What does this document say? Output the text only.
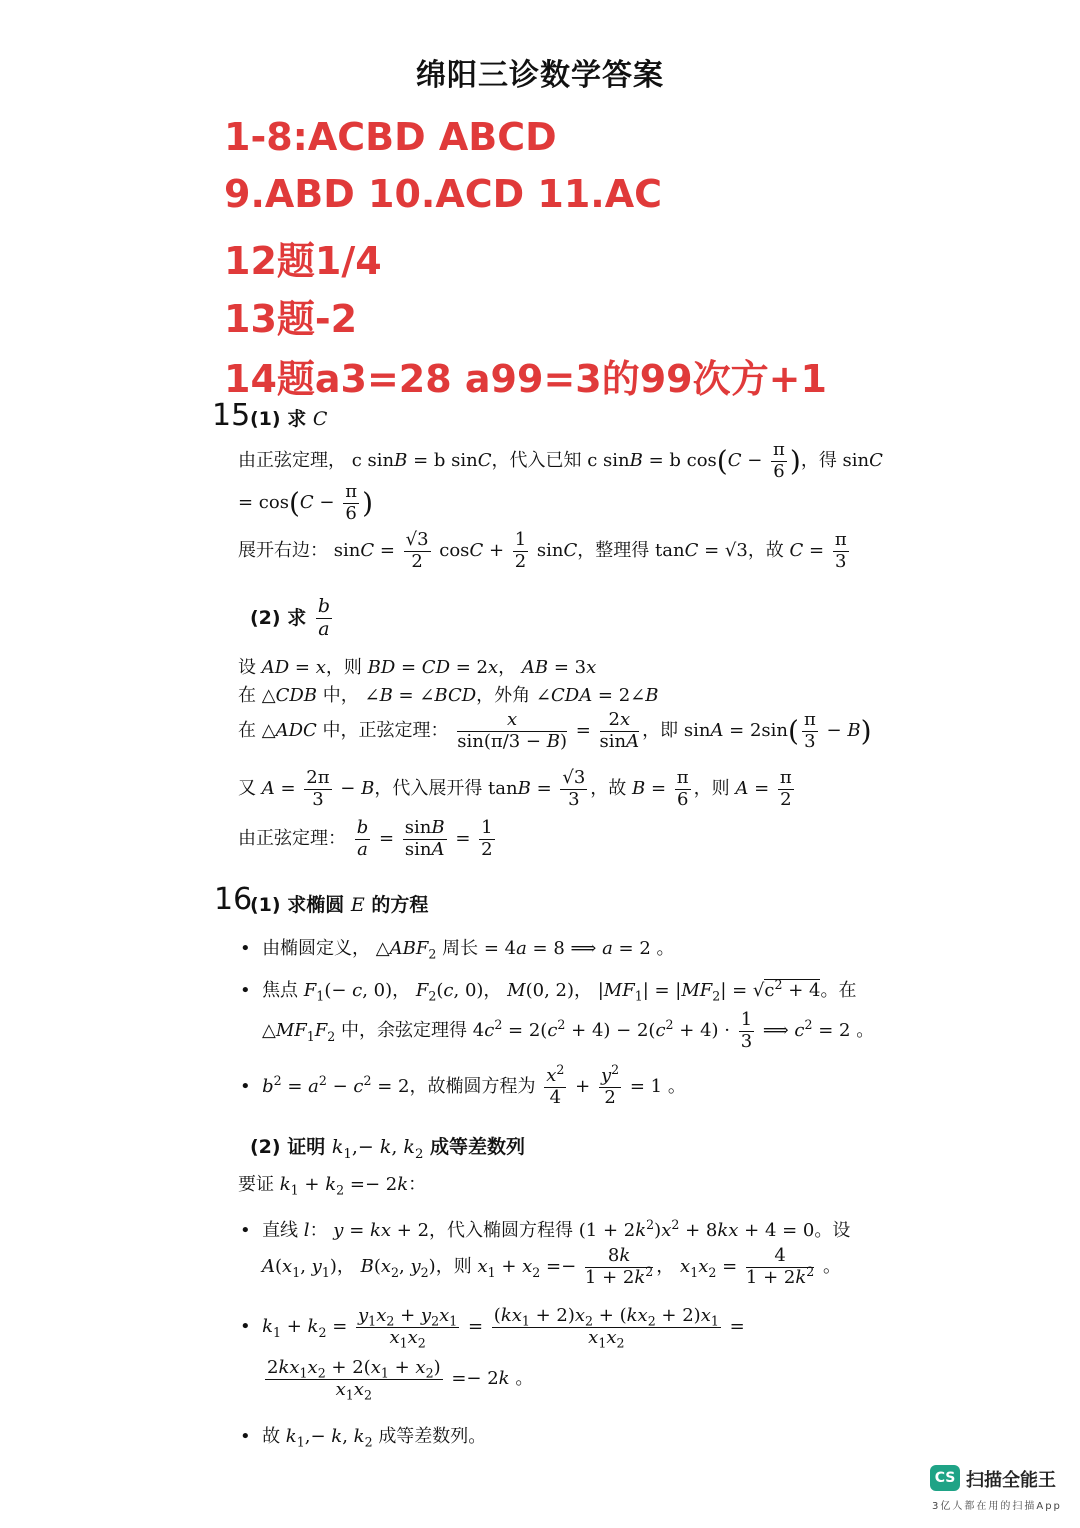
绵阳三诊数学答案
1-8:ACBD ABCD
9.ABD 10.ACD 11.AC
12题1/4
13题-2
14题a3=28 a99=3的99次方+1
15 (1) 求 C
由正弦定理， c sinB = b sinC，代入已知 c sinB = b $\cos(C - \frac{\pi}{6}$ )，得 sinC
= $\cos(C - \frac{\pi}{6}$ )
展开右边： $\sin C = \frac{√3}{2}$ $\cos C + \frac{1}{2}$ sinC，整理得 tanC = √3，故 $C = \frac{\pi}{3}$
(2) 求 $\frac{b}{a}$
设 AD = x，则 BD = CD = 2x， AB = 3x
在 △CDB 中， ∠B = ∠BCD，外角 ∠CDA = 2∠B
在 △ADC 中，正弦定理： $\frac{x}{\sin(\pi/3 - B)} = \frac{2x}{\sin A}$ ，即 $\sin A = 2\sin( \frac{\pi}{3} - B)$
又 $A = \frac{2\pi}{3} - B$，代入展开得 $\tan B = \frac{√3}{3}$ ，故 $B = \frac{\pi}{6}$ ，则 $A = \frac{\pi}{2}$
由正弦定理： $\frac{b}{a} = \frac{\sin B}{\sin A} = \frac{1}{2}$
16
(1) 求椭圆 E 的方程
•  由椭圆定义， $\triangle ABF_2$ 周长 = 4a = 8 ⟹ a = 2 。
•  焦点 $F_1(- c$, 0)， $F_2(c$, 0)， M(0, 2)， $|MF_1| = |MF_2| = √c^2 + 4$。在
$\triangle MF_1F_2$ 中，余弦定理得 $4c^2 = 2(c^2 + 4) - 2(c^2 + 4) \cdot \frac{1}{3}$ ⟹ $c^2 = 2$ 。
•  $b^2 = a^2 - c^2 = 2$，故椭圆方程为 $\frac{x^2}{4} + \frac{y^2}{2} = 1$ 。
(2) 证明 $k_1,- k$, $k_2$ 成等差数列
要证 $k_1 + k_2 =- 2k$：
•  直线 l： y = kx + 2，代入椭圆方程得 $(1 + 2k^2)x^2 + 8kx + 4 = 0$。设
$A(x_1$, $y_1$)， $B(x_2$, $y_2$)，则 $x_1 + x_2 =- \frac{8k}{1 + 2k^2}$ ， $x_1x_2 = \frac{4}{1 + 2k^2}$ 。
•  $k_1 + k_2 = \frac{y_1x_2 + y_2x_1}{x_1x_2} = \frac{(kx_1 + 2)x_2 + (kx_2 + 2)x_1}{x_1x_2}$ =
$\frac{2kx_1x_2 + 2(x_1 + x_2)}{x_1x_2} =- 2k$ 。
•  故 $k_1,- k$, $k_2$ 成等差数列。
CS 扫描全能王
3亿人都在用的扫描App
